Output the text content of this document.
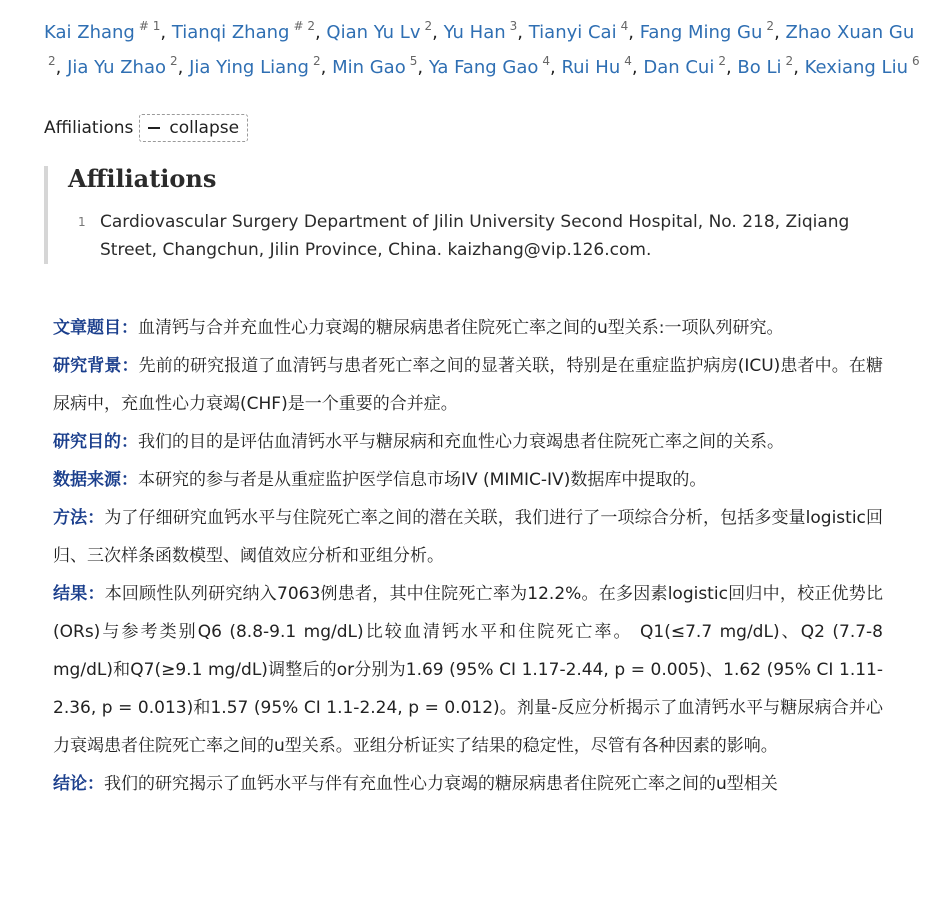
Kai Zhang # 1, Tianqi Zhang # 2, Qian Yu Lv 2, Yu Han 3, Tianyi Cai 4, Fang Ming Gu 2, Zhao Xuan Gu2, Jia Yu Zhao 2, Jia Ying Liang 2, Min Gao 5, Ya Fang Gao 4, Rui Hu 4, Dan Cui 2, Bo Li 2, Kexiang Liu 6
Affiliations collapse
Affiliations
1 Cardiovascular Surgery Department of Jilin University Second Hospital, No. 218, Ziqiang Street, Changchun, Jilin Province, China. kaizhang@vip.126.com.

文章题目：血清钙与合并充血性心力衰竭的糖尿病患者住院死亡率之间的u型关系:一项队列研究。

研究背景：先前的研究报道了血清钙与患者死亡率之间的显著关联，特别是在重症监护病房(ICU)患者中。在糖尿病中，充血性心力衰竭(CHF)是一个重要的合并症。

研究目的：我们的目的是评估血清钙水平与糖尿病和充血性心力衰竭患者住院死亡率之间的关系。

数据来源：本研究的参与者是从重症监护医学信息市场IV (MIMIC-IV)数据库中提取的。

方法：为了仔细研究血钙水平与住院死亡率之间的潜在关联，我们进行了一项综合分析，包括多变量logistic回归、三次样条函数模型、阈值效应分析和亚组分析。

结果：本回顾性队列研究纳入7063例患者，其中住院死亡率为12.2%。在多因素logistic回归中，校正优势比(ORs)与参考类别Q6 (8.8-9.1 mg/dL)比较血清钙水平和住院死亡率。 Q1(≤7.7 mg/dL)、Q2 (7.7-8 mg/dL)和Q7(≥9.1 mg/dL)调整后的or分别为1.69 (95% CI 1.17-2.44, p = 0.005)、1.62 (95% CI 1.11-2.36, p = 0.013)和1.57 (95% CI 1.1-2.24, p = 0.012)。剂量-反应分析揭示了血清钙水平与糖尿病合并心力衰竭患者住院死亡率之间的u型关系。亚组分析证实了结果的稳定性，尽管有各种因素的影响。

结论：我们的研究揭示了血钙水平与伴有充血性心力衰竭的糖尿病患者住院死亡率之间的u型相关
